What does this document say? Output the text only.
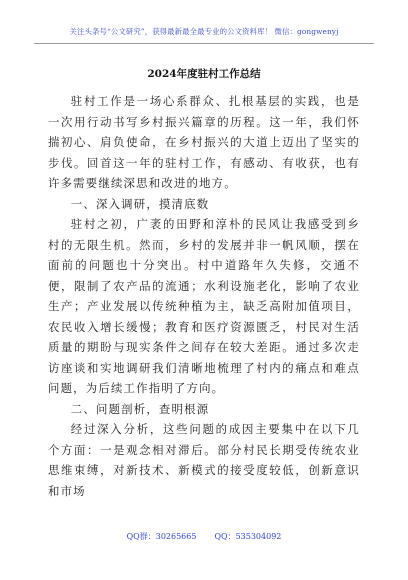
关注头条号“公文研究”，获得最新最全最专业的公文资料库！ 微信：gongwenyj
2024年度驻村工作总结

驻村工作是一场心系群众、扎根基层的实践，也是一次用行动书写乡村振兴篇章的历程。这一年，我们怀揣初心、肩负使命，在乡村振兴的大道上迈出了坚实的步伐。回首这一年的驻村工作，有感动、有收获，也有许多需要继续深思和改进的地方。

一、深入调研，摸清底数

驻村之初，广袤的田野和淳朴的民风让我感受到乡村的无限生机。然而，乡村的发展并非一帆风顺，摆在面前的问题也十分突出。村中道路年久失修，交通不便，限制了农产品的流通；水利设施老化，影响了农业生产；产业发展以传统种植为主，缺乏高附加值项目，农民收入增长缓慢；教育和医疗资源匮乏，村民对生活质量的期盼与现实条件之间存在较大差距。通过多次走访座谈和实地调研我们清晰地梳理了村内的痛点和难点问题，为后续工作指明了方向。

二、问题剖析，查明根源

经过深入分析，这些问题的成因主要集中在以下几个方面：一是观念相对滞后。部分村民长期受传统农业思维束缚，对新技术、新模式的接受度较低，创新意识和市场

QQ群：30265665 QQ：535304092
